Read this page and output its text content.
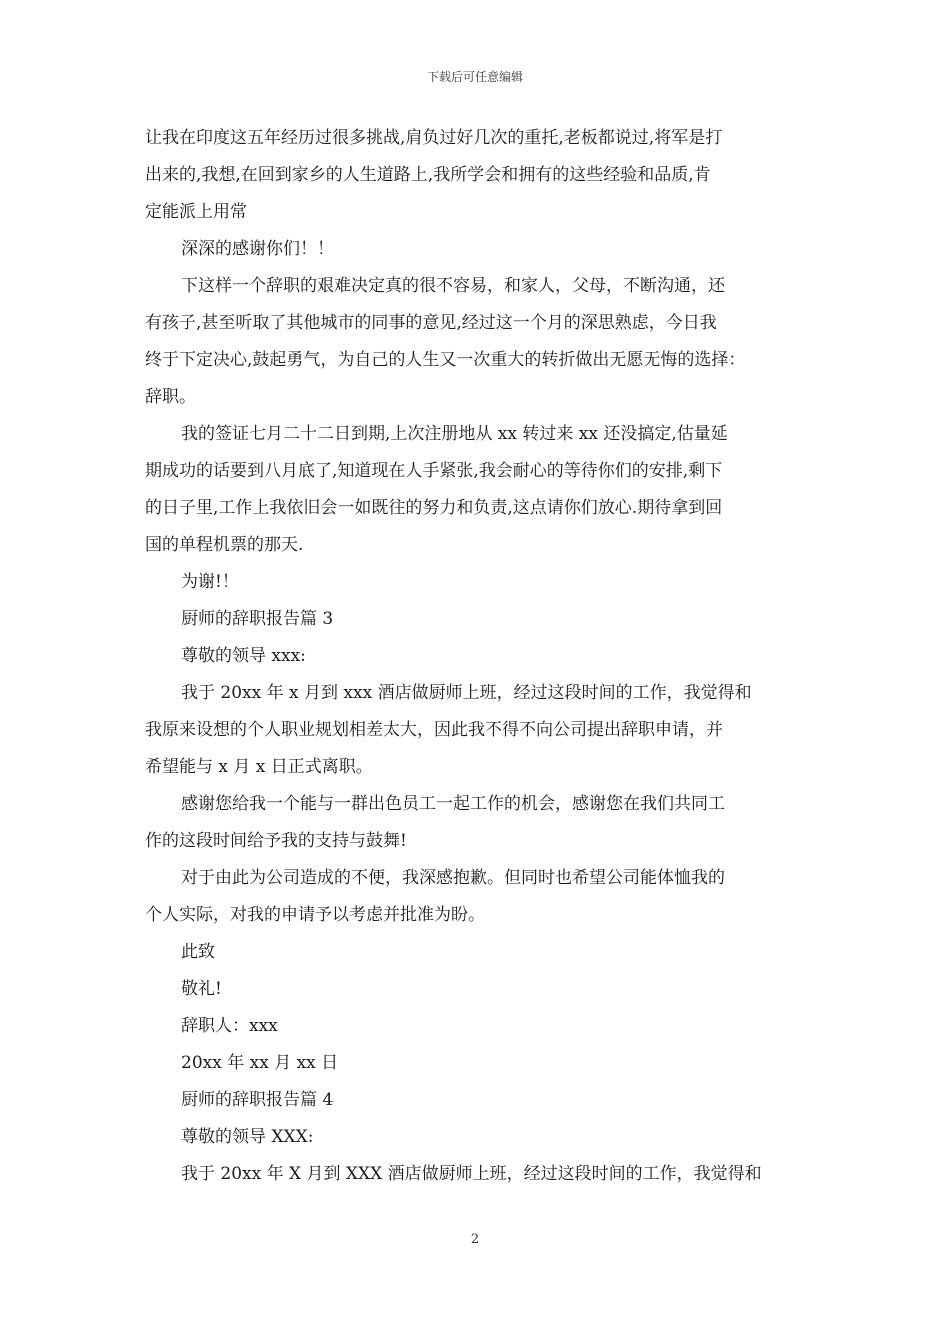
下载后可任意编辑

让我在印度这五年经历过很多挑战,肩负过好几次的重托,老板都说过,将军是打

出来的,我想,在回到家乡的人生道路上,我所学会和拥有的这些经验和品质,肯

定能派上用常

深深的感谢你们！！

下这样一个辞职的艰难决定真的很不容易，和家人，父母，不断沟通，还

有孩子,甚至听取了其他城市的同事的意见,经过这一个月的深思熟虑，今日我

终于下定决心,鼓起勇气，为自己的人生又一次重大的转折做出无愿无悔的选择：

辞职。

我的签证七月二十二日到期,上次注册地从 xx 转过来 xx 还没搞定,估量延

期成功的话要到八月底了,知道现在人手紧张,我会耐心的等待你们的安排,剩下

的日子里,工作上我依旧会一如既往的努力和负责,这点请你们放心.期待拿到回

国的单程机票的那天.

为谢!！

厨师的辞职报告篇 3

尊敬的领导 xxx:

我于 20xx 年 x 月到 xxx 酒店做厨师上班，经过这段时间的工作，我觉得和

我原来设想的个人职业规划相差太大，因此我不得不向公司提出辞职申请，并

希望能与 x 月 x 日正式离职。

感谢您给我一个能与一群出色员工一起工作的机会，感谢您在我们共同工

作的这段时间给予我的支持与鼓舞!

对于由此为公司造成的不便，我深感抱歉。但同时也希望公司能体恤我的

个人实际，对我的申请予以考虑并批准为盼。

此致

敬礼!

辞职人：xxx

20xx 年 xx 月 xx 日

厨师的辞职报告篇 4

尊敬的领导 XXX:

我于 20xx 年 X 月到 XXX 酒店做厨师上班，经过这段时间的工作，我觉得和

2
